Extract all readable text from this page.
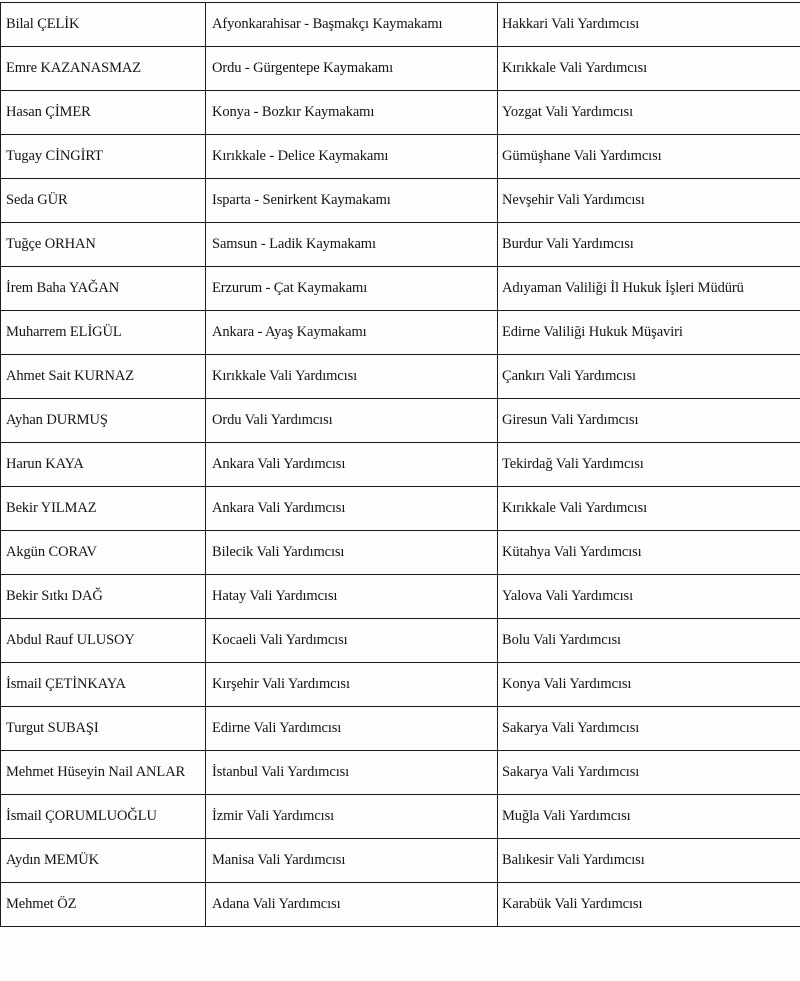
Bilal ÇELİK	Afyonkarahisar - Başmakçı Kaymakamı	Hakkari Vali Yardımcısı
Emre KAZANASMAZ	Ordu - Gürgentepe Kaymakamı	Kırıkkale Vali Yardımcısı
Hasan ÇİMER	Konya - Bozkır Kaymakamı	Yozgat Vali Yardımcısı
Tugay CİNGİRT	Kırıkkale - Delice Kaymakamı	Gümüşhane Vali Yardımcısı
Seda GÜR	Isparta - Senirkent Kaymakamı	Nevşehir Vali Yardımcısı
Tuğçe ORHAN	Samsun - Ladik Kaymakamı	Burdur Vali Yardımcısı
İrem Baha YAĞAN	Erzurum - Çat Kaymakamı	Adıyaman Valiliği İl Hukuk İşleri Müdürü
Muharrem ELİGÜL	Ankara - Ayaş Kaymakamı	Edirne Valiliği Hukuk Müşaviri
Ahmet Sait KURNAZ	Kırıkkale Vali Yardımcısı	Çankırı Vali Yardımcısı
Ayhan DURMUŞ	Ordu Vali Yardımcısı	Giresun Vali Yardımcısı
Harun KAYA	Ankara Vali Yardımcısı	Tekirdağ Vali Yardımcısı
Bekir YILMAZ	Ankara Vali Yardımcısı	Kırıkkale Vali Yardımcısı
Akgün CORAV	Bilecik Vali Yardımcısı	Kütahya Vali Yardımcısı
Bekir Sıtkı DAĞ	Hatay Vali Yardımcısı	Yalova Vali Yardımcısı
Abdul Rauf ULUSOY	Kocaeli Vali Yardımcısı	Bolu Vali Yardımcısı
İsmail ÇETİNKAYA	Kırşehir Vali Yardımcısı	Konya Vali Yardımcısı
Turgut SUBAŞI	Edirne Vali Yardımcısı	Sakarya Vali Yardımcısı
Mehmet Hüseyin Nail ANLAR	İstanbul Vali Yardımcısı	Sakarya Vali Yardımcısı
İsmail ÇORUMLUOĞLU	İzmir Vali Yardımcısı	Muğla Vali Yardımcısı
Aydın MEMÜK	Manisa Vali Yardımcısı	Balıkesir Vali Yardımcısı
Mehmet ÖZ	Adana Vali Yardımcısı	Karabük Vali Yardımcısı
